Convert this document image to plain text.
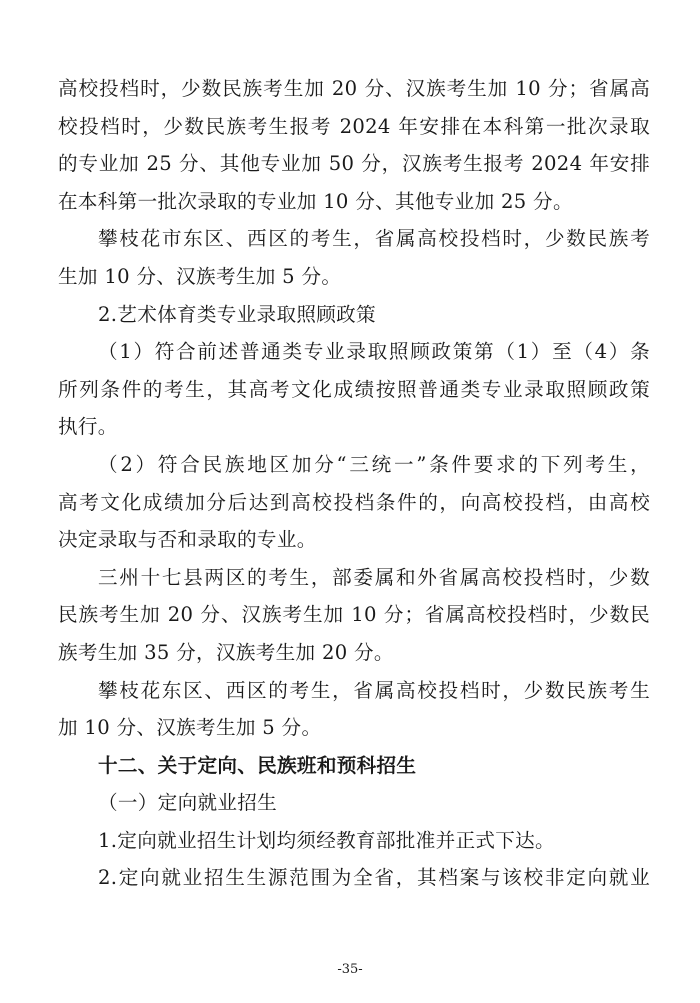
高校投档时，少数民族考生加 20 分、汉族考生加 10 分；省属高
校投档时，少数民族考生报考 2024 年安排在本科第一批次录取
的专业加 25 分、其他专业加 50 分，汉族考生报考 2024 年安排
在本科第一批次录取的专业加 10 分、其他专业加 25 分。
攀枝花市东区、西区的考生，省属高校投档时，少数民族考
生加 10 分、汉族考生加 5 分。
2.艺术体育类专业录取照顾政策
（1）符合前述普通类专业录取照顾政策第（1）至（4）条
所列条件的考生，其高考文化成绩按照普通类专业录取照顾政策
执行。
（2）符合民族地区加分“三统一”条件要求的下列考生，
高考文化成绩加分后达到高校投档条件的，向高校投档，由高校
决定录取与否和录取的专业。
三州十七县两区的考生，部委属和外省属高校投档时，少数
民族考生加 20 分、汉族考生加 10 分；省属高校投档时，少数民
族考生加 35 分，汉族考生加 20 分。
攀枝花东区、西区的考生，省属高校投档时，少数民族考生
加 10 分、汉族考生加 5 分。
十二、关于定向、民族班和预科招生
（一）定向就业招生
1.定向就业招生计划均须经教育部批准并正式下达。
2.定向就业招生生源范围为全省，其档案与该校非定向就业
-35-
